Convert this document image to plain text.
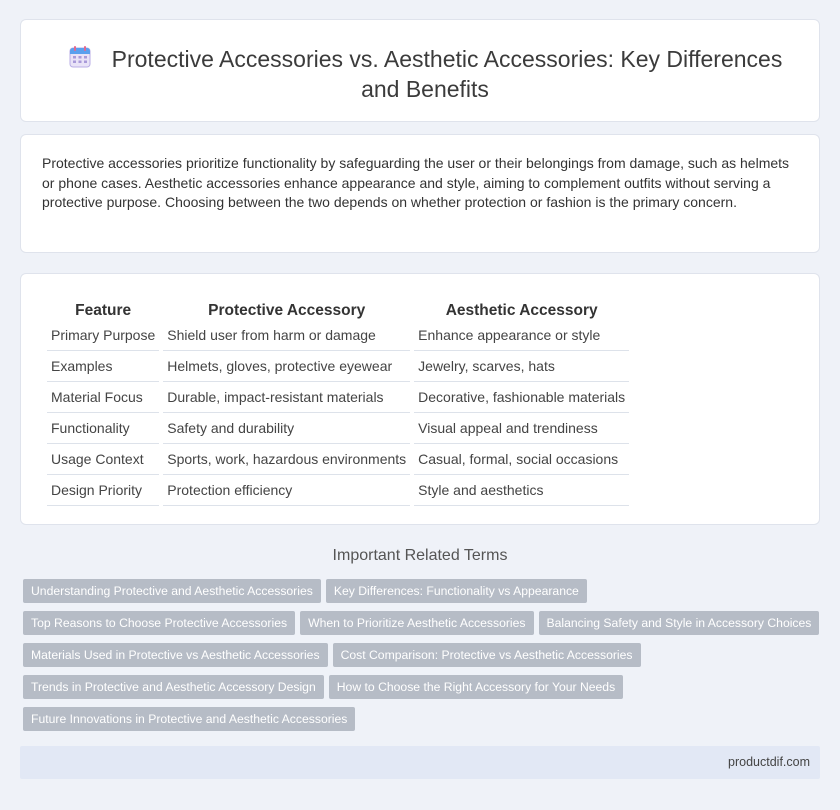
Protective Accessories vs. Aesthetic Accessories: Key Differences and Benefits

Protective accessories prioritize functionality by safeguarding the user or their belongings from damage, such as helmets or phone cases. Aesthetic accessories enhance appearance and style, aiming to complement outfits without serving a protective purpose. Choosing between the two depends on whether protection or fashion is the primary concern.

Feature	Protective Accessory	Aesthetic Accessory
Primary Purpose	Shield user from harm or damage	Enhance appearance or style
Examples	Helmets, gloves, protective eyewear	Jewelry, scarves, hats
Material Focus	Durable, impact-resistant materials	Decorative, fashionable materials
Functionality	Safety and durability	Visual appeal and trendiness
Usage Context	Sports, work, hazardous environments	Casual, formal, social occasions
Design Priority	Protection efficiency	Style and aesthetics
Important Related Terms
Understanding Protective and Aesthetic Accessories Key Differences: Functionality vs Appearance
Top Reasons to Choose Protective Accessories When to Prioritize Aesthetic Accessories Balancing Safety and Style in Accessory Choices
Materials Used in Protective vs Aesthetic Accessories Cost Comparison: Protective vs Aesthetic Accessories
Trends in Protective and Aesthetic Accessory Design How to Choose the Right Accessory for Your Needs
Future Innovations in Protective and Aesthetic Accessories
productdif.com
